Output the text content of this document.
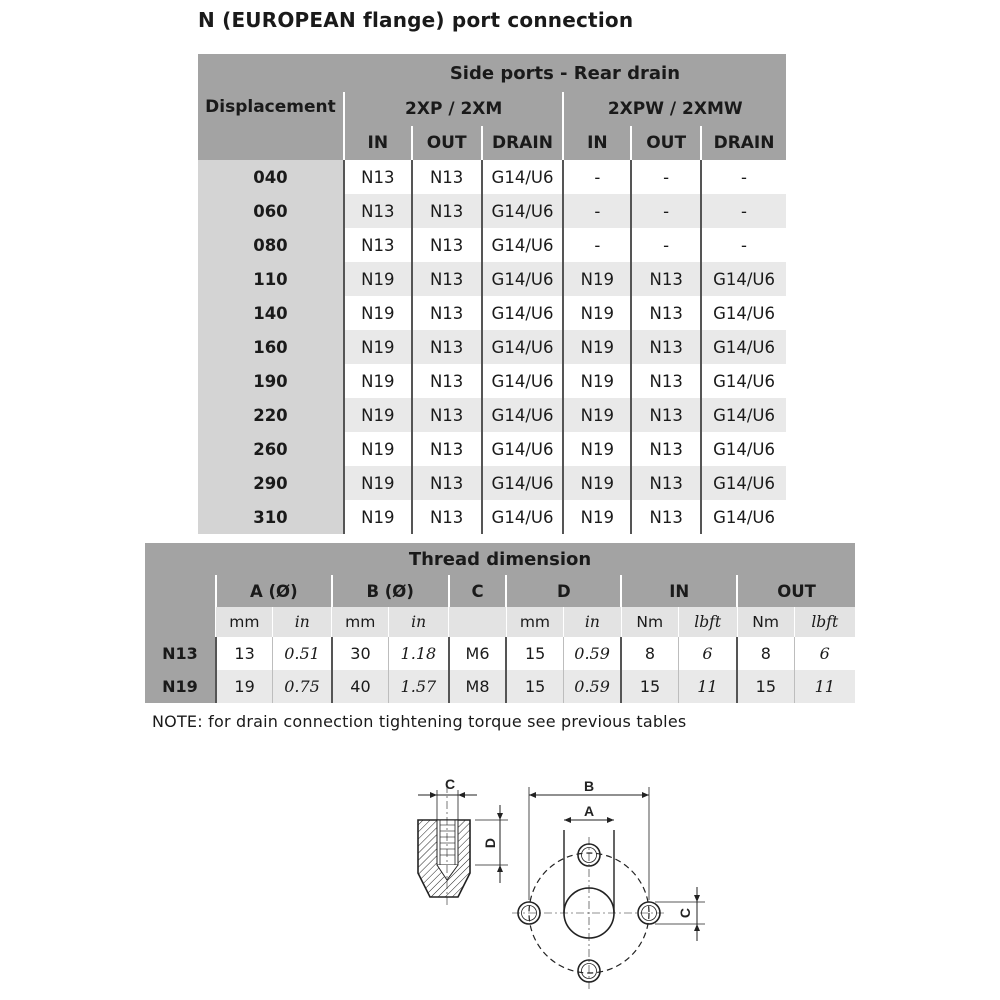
N (EUROPEAN flange) port connection
Displacement	Side ports - Rear drain					
	2XP / 2XM			2XPW / 2XMW		
	IN	OUT	DRAIN	IN	OUT	DRAIN
040	N13	N13	G14/U6	-	-	-
060	N13	N13	G14/U6	-	-	-
080	N13	N13	G14/U6	-	-	-
110	N19	N13	G14/U6	N19	N13	G14/U6
140	N19	N13	G14/U6	N19	N13	G14/U6
160	N19	N13	G14/U6	N19	N13	G14/U6
190	N19	N13	G14/U6	N19	N13	G14/U6
220	N19	N13	G14/U6	N19	N13	G14/U6
260	N19	N13	G14/U6	N19	N13	G14/U6
290	N19	N13	G14/U6	N19	N13	G14/U6
310	N19	N13	G14/U6	N19	N13	G14/U6
Thread dimension											
	A (Ø)		B (Ø)		C	D		IN		OUT	
	mm	in	mm	in		mm	in	Nm	lbft	Nm	lbft
N13	13	0.51	30	1.18	M6	15	0.59	8	6	8	6
N19	19	0.75	40	1.57	M8	15	0.59	15	11	15	11
NOTE: for drain connection tightening torque see previous tables
C
D
B
A
C
